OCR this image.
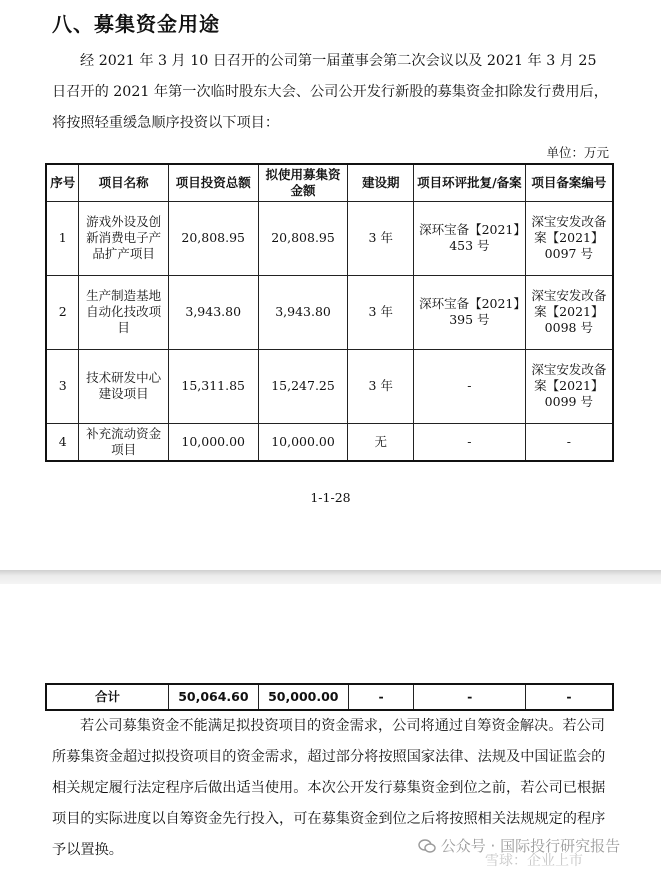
八、募集资金用途
经 2021 年 3 月 10 日召开的公司第一届董事会第二次会议以及 2021 年 3 月 25 日召开的 2021 年第一次临时股东大会、公司公开发行新股的募集资金扣除发行费用后，将按照轻重缓急顺序投资以下项目：
单位：万元
序号	项目名称	项目投资总额	拟使用募集资金额	建设期	项目环评批复/备案	项目备案编号
1	游戏外设及创新消费电子产品扩产项目	20,808.95	20,808.95	3 年	深环宝备【2021】453 号	深宝安发改备案【2021】0097 号
2	生产制造基地自动化技改项目	3,943.80	3,943.80	3 年	深环宝备【2021】395 号	深宝安发改备案【2021】0098 号
3	技术研发中心建设项目	15,311.85	15,247.25	3 年	-	深宝安发改备案【2021】0099 号
4	补充流动资金项目	10,000.00	10,000.00	无	-	-
1-1-28
合计	50,064.60	50,000.00	-	-	-
若公司募集资金不能满足拟投资项目的资金需求，公司将通过自筹资金解决。若公司所募集资金超过拟投资项目的资金需求，超过部分将按照国家法律、法规及中国证监会的相关规定履行法定程序后做出适当使用。本次公开发行募集资金到位之前，若公司已根据项目的实际进度以自筹资金先行投入，可在募集资金到位之后将按照相关法规规定的程序予以置换。	公众号 · 国际投行研究报告
雪球：企业上市
